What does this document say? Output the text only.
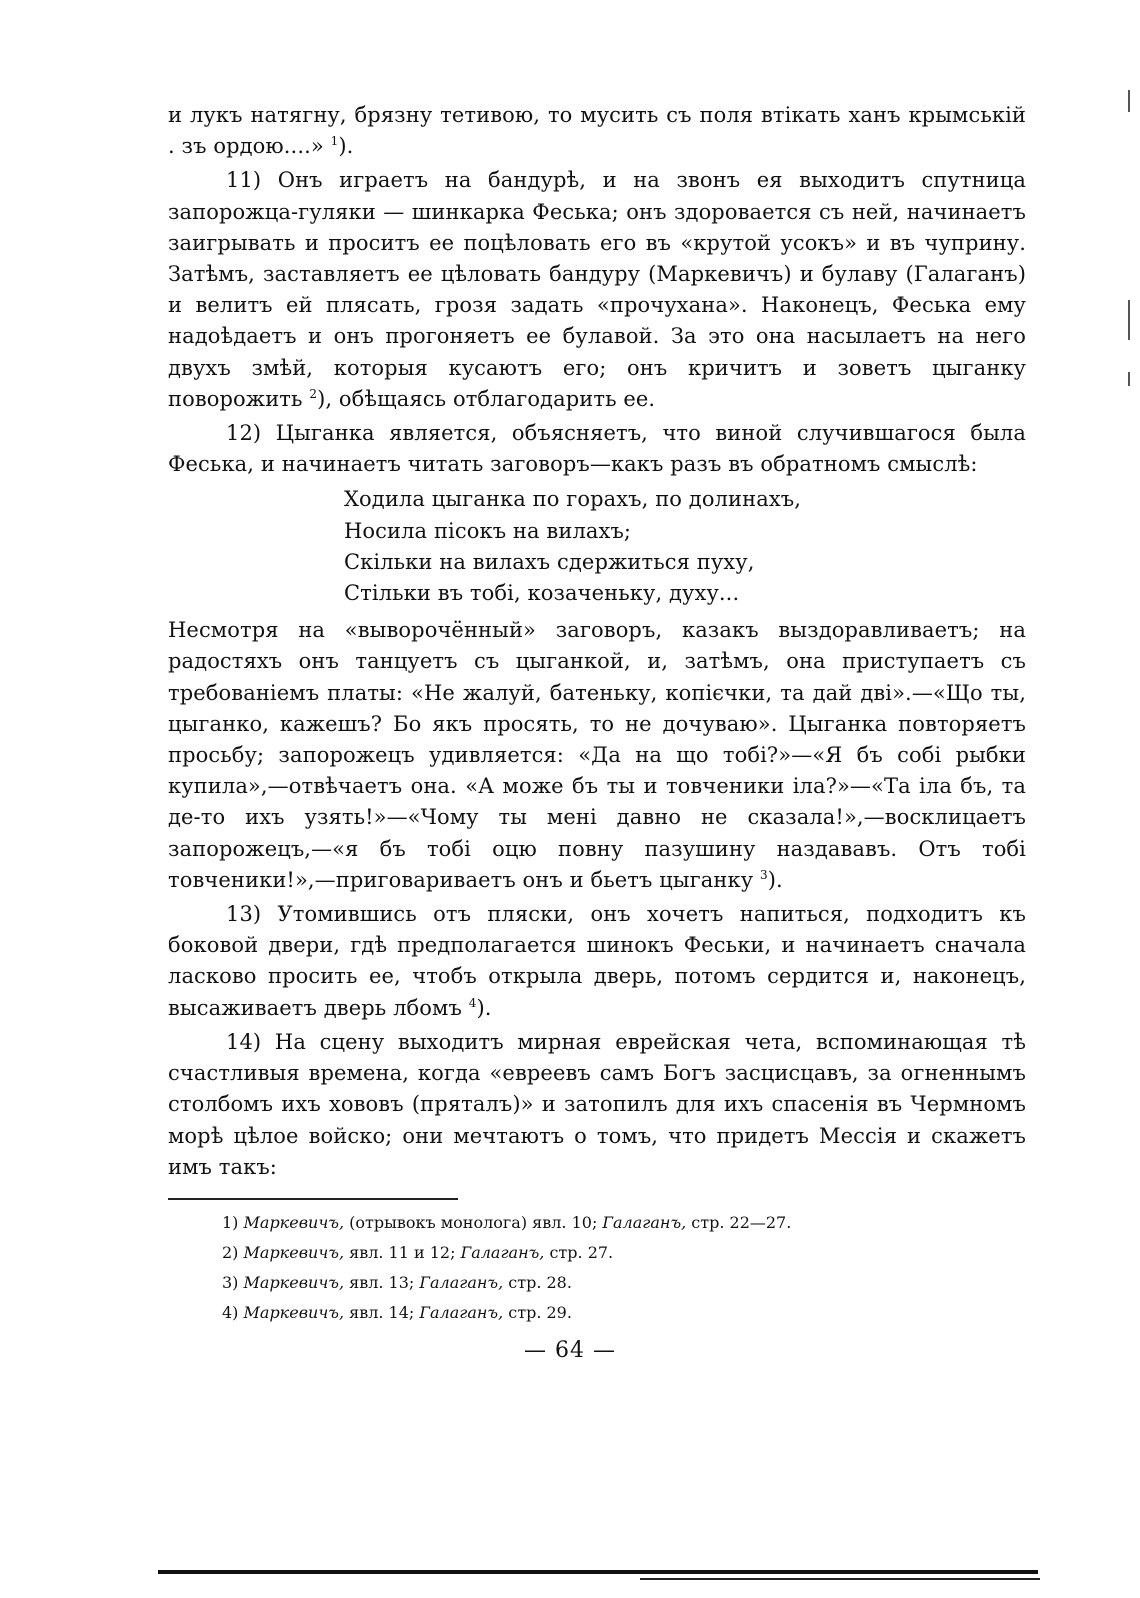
и лукъ натягну, брязну тетивою, то мусить съ поля втікать ханъ крымській . зъ ордою....» $^1$).

11) Онъ играетъ на бандурѣ, и на звонъ ея выходитъ спутница запорожца-гуляки — шинкарка Феська; онъ здоровается съ ней, начинаетъ заигрывать и проситъ ее поцѣловать его въ «крутой усокъ» и въ чуприну. Затѣмъ, заставляетъ ее цѣловать бандуру (Маркевичъ) и булаву (Галаганъ) и велитъ ей плясать, грозя задать «прочухана». Наконецъ, Феська ему надоѣдаетъ и онъ прогоняетъ ее булавой. За это она насылаетъ на него двухъ змѣй, которыя кусаютъ его; онъ кричитъ и зоветъ цыганку поворожить $^2$), обѣщаясь отблагодарить ее.

12) Цыганка является, объясняетъ, что виной случившагося была Феська, и начинаетъ читать заговоръ—какъ разъ въ обратномъ смыслѣ:

Ходила цыганка по горахъ, по долинахъ,
Носила пісокъ на вилахъ;
Скільки на вилахъ сдержиться пуху,
Стільки въ тобі, козаченьку, духу...

Несмотря на «выворочённый» заговоръ, казакъ выздоравливаетъ; на радостяхъ онъ танцуетъ съ цыганкой, и, затѣмъ, она приступаетъ съ требованіемъ платы: «Не жалуй, батеньку, копієчки, та дай дві».—«Що ты, цыганко, кажешъ? Бо якъ просять, то не дочуваю». Цыганка повторяетъ просьбу; запорожецъ удивляется: «Да на що тобі?»—«Я бъ собі рыбки купила»,—отвѣчаетъ она. «А може бъ ты и товченики іла?»—«Та іла бъ, та де-то ихъ узять!»—«Чому ты мені давно не сказала!»,—восклицаетъ запорожецъ,—«я бъ тобі оцю повну пазушину наздававъ. Отъ тобі товченики!»,—приговариваетъ онъ и бьетъ цыганку $^3$).

13) Утомившись отъ пляски, онъ хочетъ напиться, подходитъ къ боковой двери, гдѣ предполагается шинокъ Феськи, и начинаетъ сначала ласково просить ее, чтобъ открыла дверь, потомъ сердится и, наконецъ, высаживаетъ дверь лбомъ $^4$).

14) На сцену выходитъ мирная еврейская чета, вспоминающая тѣ счастливыя времена, когда «евреевъ самъ Богъ засцисцавъ, за огненнымъ столбомъ ихъ хововъ (пряталъ)» и затопилъ для ихъ спасенія въ Чермномъ морѣ цѣлое войско; они мечтаютъ о томъ, что придетъ Мессія и скажетъ имъ такъ:

1) Маркевичъ, (отрывокъ монолога) явл. 10; Галаганъ, стр. 22—27.
2) Маркевичъ, явл. 11 и 12; Галаганъ, стр. 27.
3) Маркевичъ, явл. 13; Галаганъ, стр. 28.
4) Маркевичъ, явл. 14; Галаганъ, стр. 29.
— 64 —
